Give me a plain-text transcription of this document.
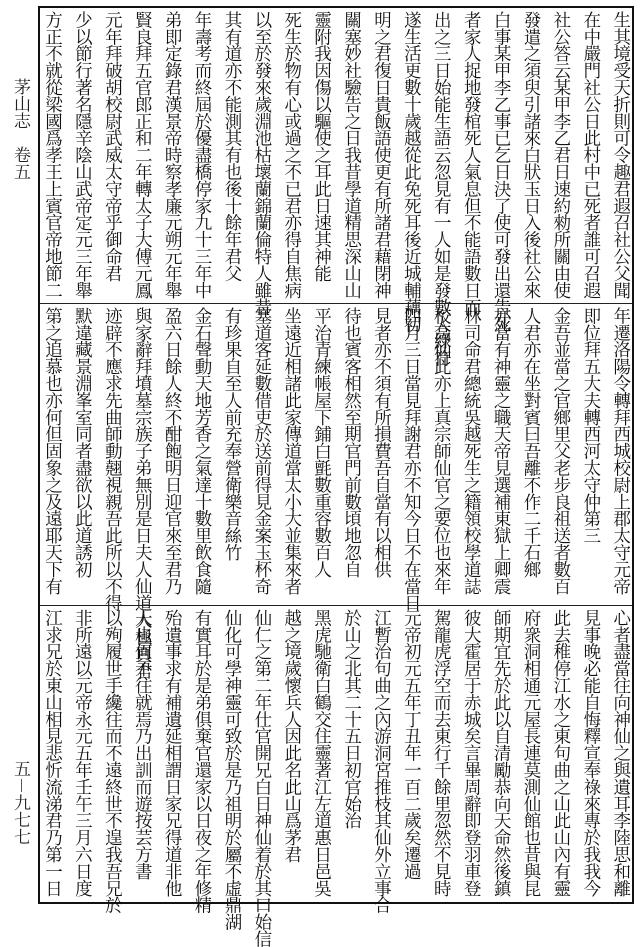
茅山志　卷五
五－九七七
生其境受天折則可令趣君遐召社公父聞
在中嚴門社公日此村中已死者誰可召遐
社公答云某甲李乙君日速約勑所關由使
發遣之須臾引諸來白狀玉日入後社公來
白事某甲李乙事已乞日決了使可發出還告死
者家人捉地發棺死人氣息但不能語數日而
出之三日始能生語云忽見有一人如是發數人綠符
遂生活更數十歲越從此免死耳後近城輔藕初
明之君復日貴飯語使更有所諸君藉閉神
關塞妙社驗告之日我昔學道精思深山山
靈附我因傷以驅使之耳此日速其神能
死生於物有心或過之不已君亦得自焦病
以至於發來歲淵池枯壞蘭錦蘭倫特人雖昔
其有道亦不能測其有也後十餘年君父
年壽考而終屆於優盡橋停家九十三年中
弟即定錄君漢景帝時察孝廉元朔元年舉
賢良拜五官郎正和二年轉太子大傅元鳳
元年拜破胡校尉武威太守帝乎御命君
少以節行著名隱辛陰山武帝定元三年舉
方正不就從梁國爲孝王上賓官帝地節二
年遷洛陽令轉拜西城校尉上郡太守元帝
即位拜五大夫轉西河太守仲第三
金吾並當之官鄉里父老步良祖送者數百
人君亦在坐對賓曰吾離不作二千石鄉
亦當有神靈之職天帝見選補東獄上卿震
林司命君總統吳越死生之籍領校學道誌
校高仙此亦上真宗師仙官之要位也來年
四月三日當見拜謝君亦不知今日不在當日
見者亦不須有所損費吾自當有以相供
待也賓客相然至期官門前數頃地忽自
平治青練帳屋下鋪白氈數重容數百人
坐遠近相諸此家傳道當太小大並集來者
塞道客延數借吏於送前得見金案玉杯奇
有珍果自至人前充奉營衛樂音絲竹
金石聲動天地芳香之氣達十數里飲食隨
盈六日餘人終不酣飽明日迎官來至君乃
與家辭拜墳墓宗族子弟無別是日夫人仙道大極真君
迹辟不應求先曲師動翹視親吾此所以不得
默違藏景淵峯室同者盡欲以此道誘初
第之追慕也亦何但固象之及遠耶天下有
心者盡當往向神仙之與遺耳李陸思和離
見事晚必能自悔釋宣奉祿來專於我我今
此去稚停江水之東句曲之山此山內有靈
府衆洞相通元屋長連莫測仙館也昔與昆
師期宜先於此以自清勵恭向天命然後鎮
彼大霍居于赤城矣言畢周辭即登羽車登
駕龍虎浮空而去東行千餘里忽然不見時
元帝初元五年丁丑年一百二歲矣遷過
江暫治句曲之內游洞宮推枝其仙外立事合
於山之北其二十五日初官始治
黑虎馳衛白鶴交住靈著江左道惠日邑吳
越之境歲懷兵人因此名此山爲茅君
仙仁之第二年仕官開兄白日神仙着於其口始信
仙化可學神靈可致於是乃祖明於屬不虛鼎湖
有實耳於是弟俱棄官還家以日夜之年修精
殆遺事求有補遺延相謂日家兄得道非他
人也何不往就焉乃出訓而遊按芸方書
以殉履世手纔往而不遠終世不遑我吾兄於
非所遠以元帝永元五年壬午三月六日度
江求兄於東山相見悲忻流涕君乃第一日
